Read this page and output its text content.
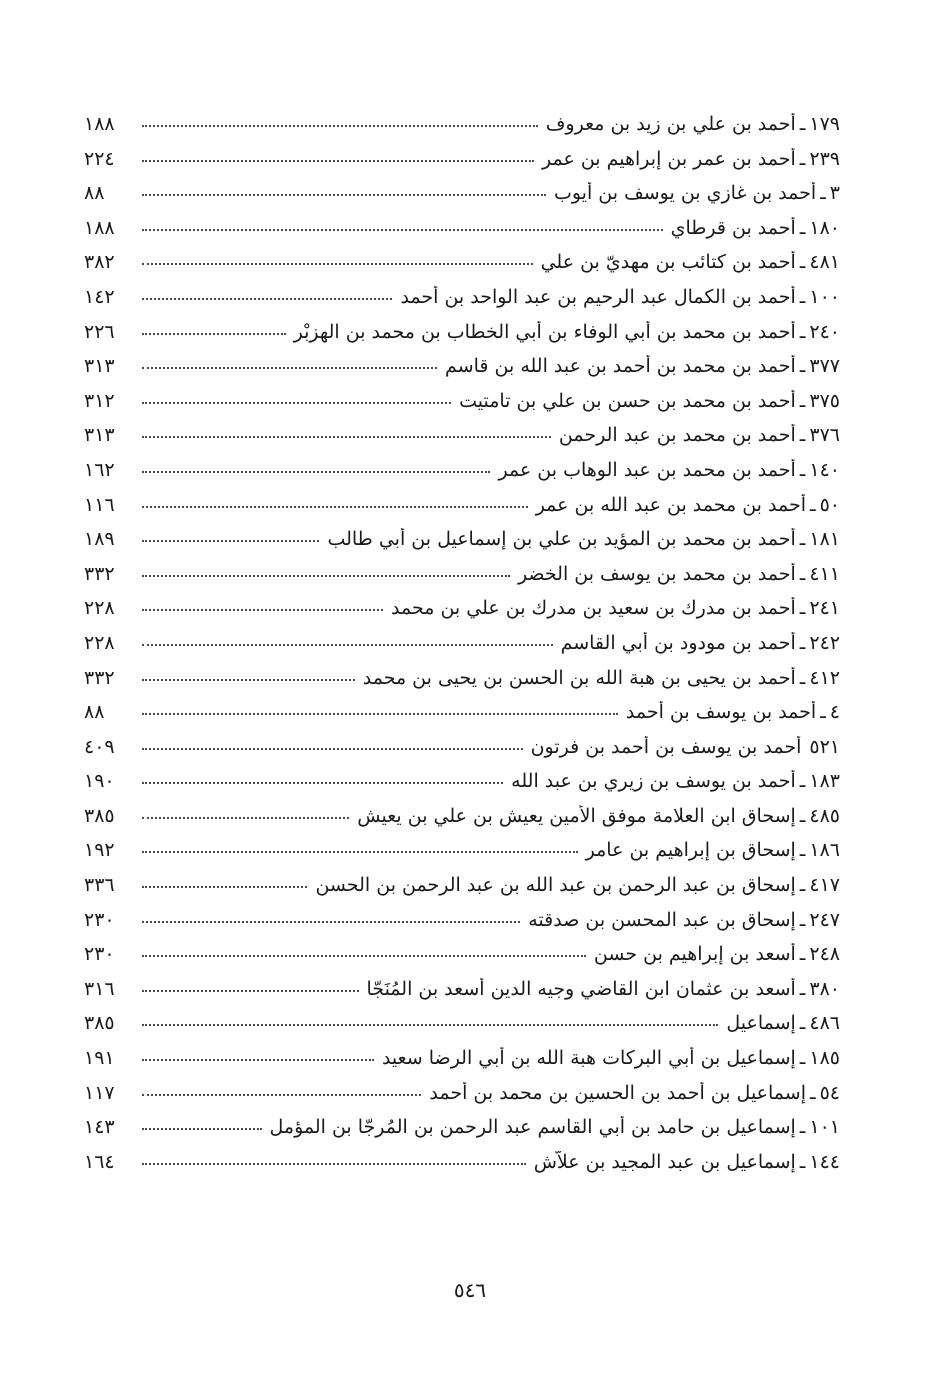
١٧٩
ـ
أحمد بن علي بن زيد بن معروف
١٨٨
٢٣٩
ـ
أحمد بن عمر بن إبراهيم بن عمر
٢٢٤
٣
ـ
أحمد بن غازي بن يوسف بن أيوب
٨٨
١٨٠
ـ
أحمد بن قرطاي
١٨٨
٤٨١
ـ
أحمد بن كتائب بن مهديّ بن علي
٣٨٢
١٠٠
ـ
أحمد بن الكمال عبد الرحيم بن عبد الواحد بن أحمد
١٤٢
٢٤٠
ـ
أحمد بن محمد بن أبي الوفاء بن أبي الخطاب بن محمد بن الهزبْر
٢٢٦
٣٧٧
ـ
أحمد بن محمد بن أحمد بن عبد الله بن قاسم
٣١٣
٣٧٥
ـ
أحمد بن محمد بن حسن بن علي بن تامتيت
٣١٢
٣٧٦
ـ
أحمد بن محمد بن عبد الرحمن
٣١٣
١٤٠
ـ
أحمد بن محمد بن عبد الوهاب بن عمر
١٦٢
٥٠
ـ
أحمد بن محمد بن عبد الله بن عمر
١١٦
١٨١
ـ
أحمد بن محمد بن المؤيد بن علي بن إسماعيل بن أبي طالب
١٨٩
٤١١
ـ
أحمد بن محمد بن يوسف بن الخضر
٣٣٢
٢٤١
ـ
أحمد بن مدرك بن سعيد بن مدرك بن علي بن محمد
٢٢٨
٢٤٢
ـ
أحمد بن مودود بن أبي القاسم
٢٢٨
٤١٢
ـ
أحمد بن يحيى بن هبة الله بن الحسن بن يحيى بن محمد
٣٣٢
٤
ـ
أحمد بن يوسف بن أحمد
٨٨
٥٢١
أحمد بن يوسف بن أحمد بن فرتون
٤٠٩
١٨٣
ـ
أحمد بن يوسف بن زيري بن عبد الله
١٩٠
٤٨٥
ـ
إسحاق ابن العلامة موفق الأمين يعيش بن علي بن يعيش
٣٨٥
١٨٦
ـ
إسحاق بن إبراهيم بن عامر
١٩٢
٤١٧
ـ
إسحاق بن عبد الرحمن بن عبد الله بن عبد الرحمن بن الحسن
٣٣٦
٢٤٧
ـ
إسحاق بن عبد المحسن بن صدقته
٢٣٠
٢٤٨
ـ
أسعد بن إبراهيم بن حسن
٢٣٠
٣٨٠
ـ
أسعد بن عثمان ابن القاضي وجيه الدين أسعد بن المُنَجّا
٣١٦
٤٨٦
ـ
إسماعيل
٣٨٥
١٨٥
ـ
إسماعيل بن أبي البركات هبة الله بن أبي الرضا سعيد
١٩١
٥٤
ـ
إسماعيل بن أحمد بن الحسين بن محمد بن أحمد
١١٧
١٠١
ـ
إسماعيل بن حامد بن أبي القاسم عبد الرحمن بن المُرجّا بن المؤمل
١٤٣
١٤٤
ـ
إسماعيل بن عبد المجيد بن علاّش
١٦٤
٥٤٦
